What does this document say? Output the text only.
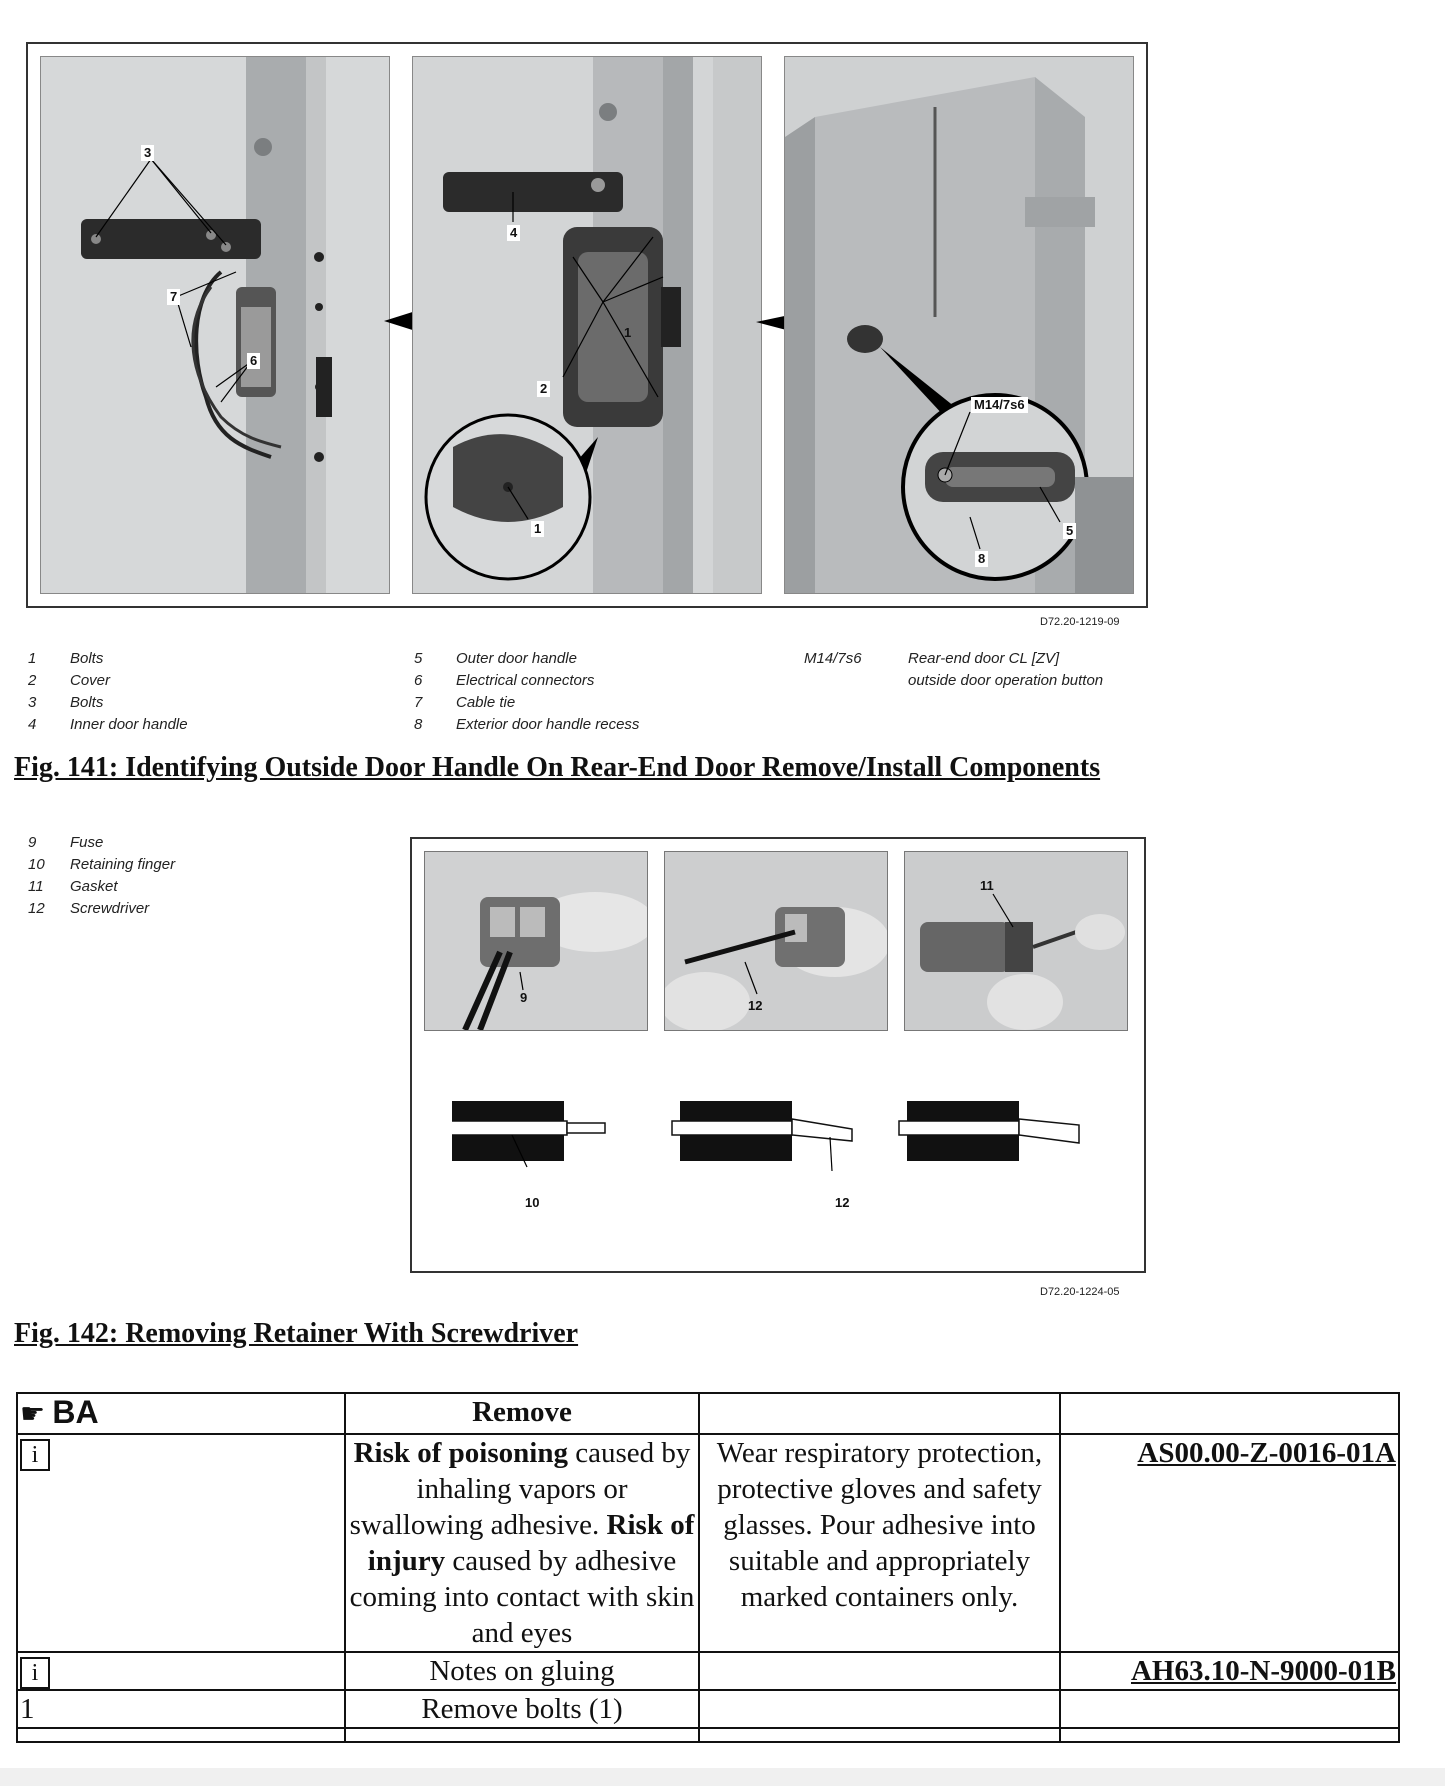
3
7
6
4
1
2
1
M14/7s6
5
8
D72.20-1219-09
1	Bolts
2	Cover
3	Bolts
4	Inner door handle
5	Outer door handle
6	Electrical connectors
7	Cable tie
8	Exterior door handle recess
M14/7s6	Rear-end door CL [ZV]
outside door operation button
Fig. 141: Identifying Outside Door Handle On Rear-End Door Remove/Install Components
9	Fuse
10	Retaining finger
11	Gasket
12	Screwdriver
9
12
11
10	12
D72.20-1224-05
Fig. 142: Removing Retainer With Screwdriver
☛ BA	Remove		
i	Risk of poisoning caused by inhaling vapors or swallowing adhesive. Risk of injury caused by adhesive coming into contact with skin and eyes	Wear respiratory protection, protective gloves and safety glasses. Pour adhesive into suitable and appropriately marked containers only.	AS00.00-Z-0016-01A
i	Notes on gluing		AH63.10-N-9000-01B
1	Remove bolts (1)		
